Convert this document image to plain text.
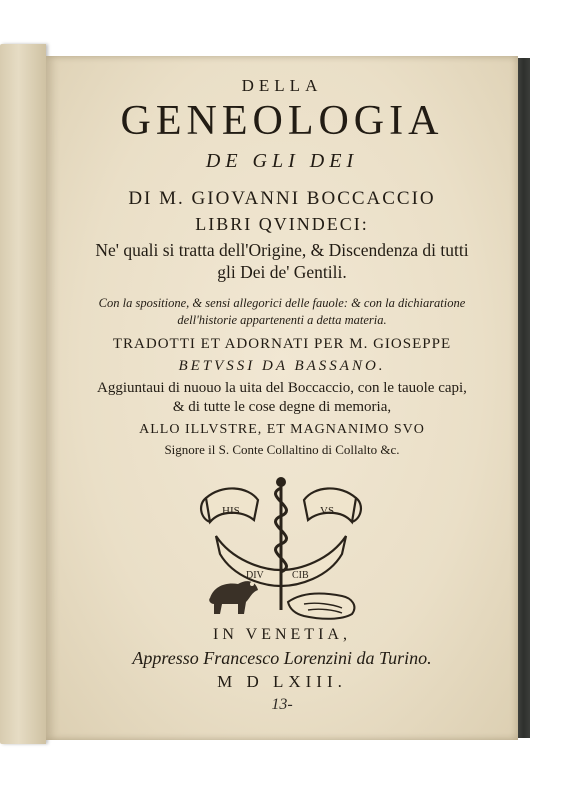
DELLA
GENEOLOGIA
DE GLI DEI
DI M. GIOVANNI BOCCACCIO
LIBRI QVINDECI:
Ne' quali si tratta dell'Origine, & Discendenza di tutti
gli Dei de' Gentili.
Con la spositione, & sensi allegorici delle fauole: & con la dichiaratione
dell'historie appartenenti a detta materia.
TRADOTTI ET ADORNATI PER M. GIOSEPPE
BETVSSI DA BASSANO.
Aggiuntaui di nuouo la uita del Boccaccio, con le tauole capi,
& di tutte le cose degne di memoria,
ALLO ILLVSTRE, ET MAGNANIMO SVO
Signore il S. Conte Collaltino di Collalto &c.
HIS	VS
DIV	CIB
IN VENETIA,
Appresso Francesco Lorenzini da Turino.
M D LXIII.
13-
